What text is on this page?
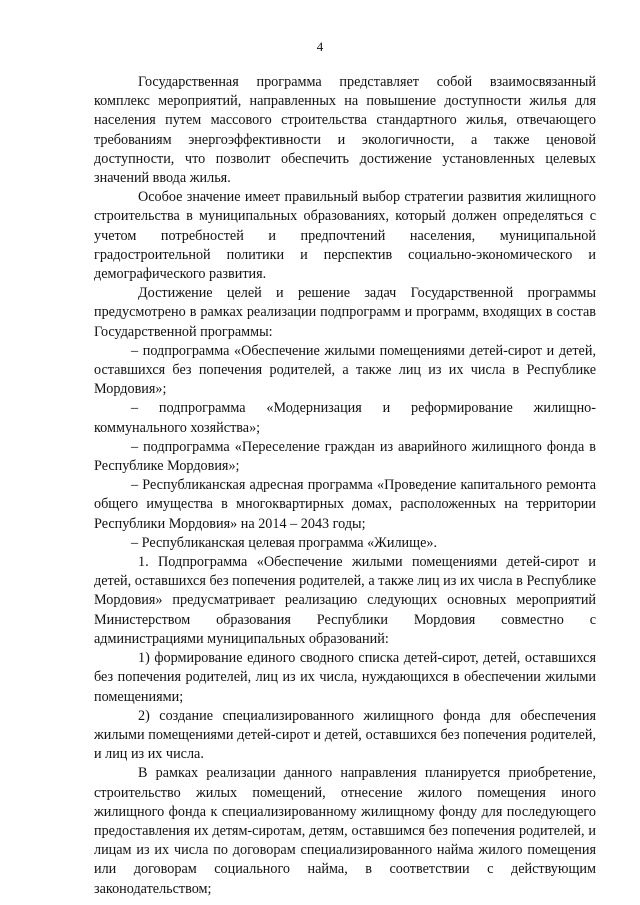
4

Государственная программа представляет собой взаимосвязанный комплекс мероприятий, направленных на повышение доступности жилья для населения путем массового строительства стандартного жилья, отвечающего требованиям энергоэффективности и экологичности, а также ценовой доступности, что позволит обеспечить достижение установленных целевых значений ввода жилья.

Особое значение имеет правильный выбор стратегии развития жилищного строительства в муниципальных образованиях, который должен определяться с учетом потребностей и предпочтений населения, муниципальной градостроительной политики и перспектив социально-экономического и демографического развития.

Достижение целей и решение задач Государственной программы предусмотрено в рамках реализации подпрограмм и программ, входящих в состав Государственной программы:

– подпрограмма «Обеспечение жилыми помещениями детей-сирот и детей, оставшихся без попечения родителей, а также лиц из их числа в Республике Мордовия»;

– подпрограмма «Модернизация и реформирование жилищно-коммунального хозяйства»;

– подпрограмма «Переселение граждан из аварийного жилищного фонда в Республике Мордовия»;

– Республиканская адресная программа «Проведение капитального ремонта общего имущества в многоквартирных домах, расположенных на территории Республики Мордовия» на 2014 – 2043 годы;

– Республиканская целевая программа «Жилище».

1. Подпрограмма «Обеспечение жилыми помещениями детей-сирот и детей, оставшихся без попечения родителей, а также лиц из их числа в Республике Мордовия» предусматривает реализацию следующих основных мероприятий Министерством образования Республики Мордовия совместно с администрациями муниципальных образований:

1) формирование единого сводного списка детей-сирот, детей, оставшихся без попечения родителей, лиц из их числа, нуждающихся в обеспечении жилыми помещениями;

2) создание специализированного жилищного фонда для обеспечения жилыми помещениями детей-сирот и детей, оставшихся без попечения родителей, и лиц из их числа.

В рамках реализации данного направления планируется приобретение, строительство жилых помещений, отнесение жилого помещения иного жилищного фонда к специализированному жилищному фонду для последующего предоставления их детям-сиротам, детям, оставшимся без попечения родителей, и лицам из их числа по договорам специализированного найма жилого помещения или договорам социального найма, в соответствии с действующим законодательством;
